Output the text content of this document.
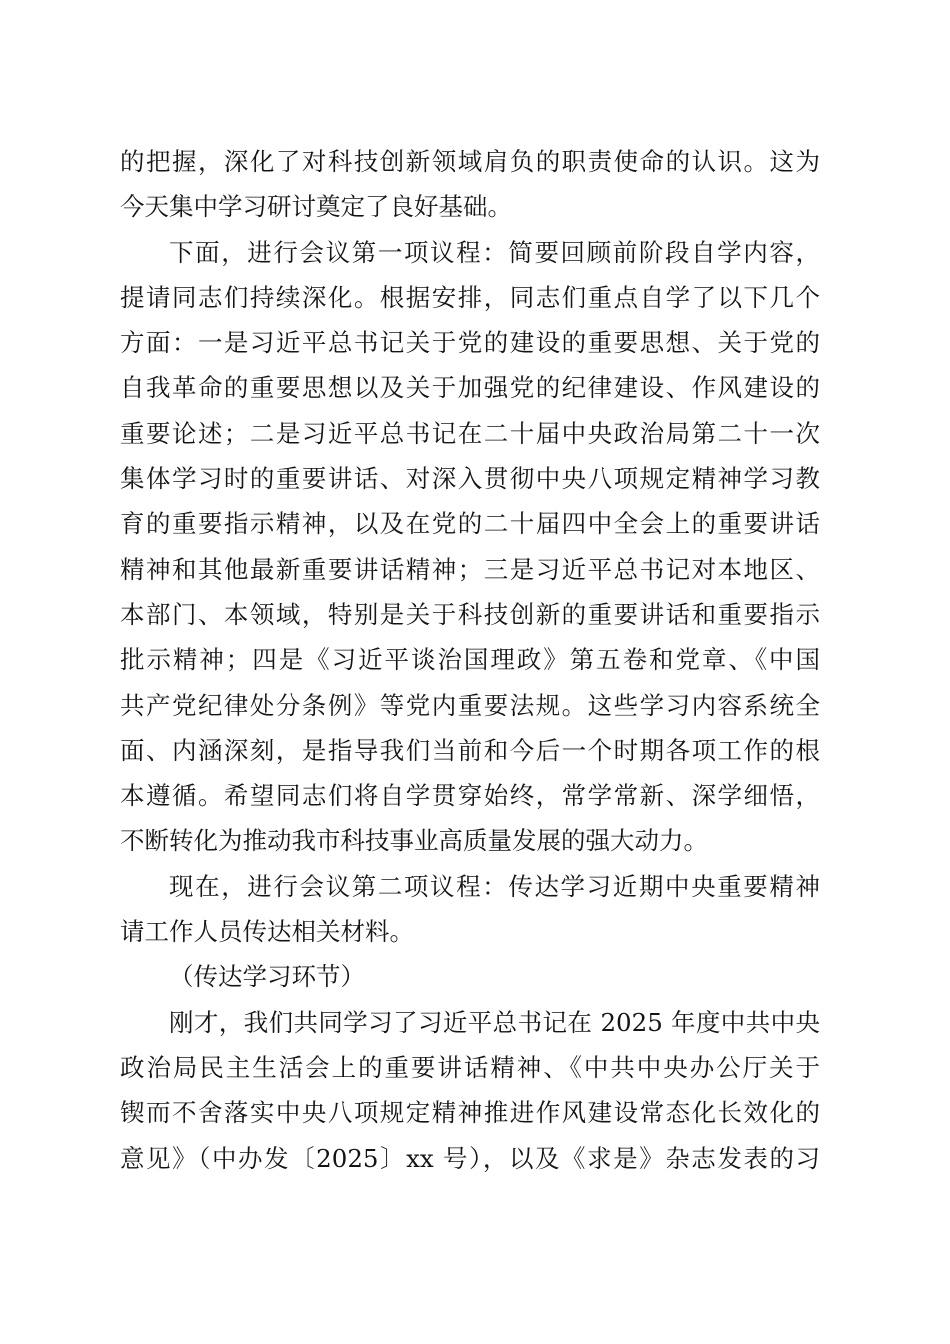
的把握，深化了对科技创新领域肩负的职责使命的认识。这为
今天集中学习研讨奠定了良好基础。
下面，进行会议第一项议程：简要回顾前阶段自学内容，
提请同志们持续深化。根据安排，同志们重点自学了以下几个
方面：一是习近平总书记关于党的建设的重要思想、关于党的
自我革命的重要思想以及关于加强党的纪律建设、作风建设的
重要论述；二是习近平总书记在二十届中央政治局第二十一次
集体学习时的重要讲话、对深入贯彻中央八项规定精神学习教
育的重要指示精神，以及在党的二十届四中全会上的重要讲话
精神和其他最新重要讲话精神；三是习近平总书记对本地区、
本部门、本领域，特别是关于科技创新的重要讲话和重要指示
批示精神；四是《习近平谈治国理政》第五卷和党章、《中国
共产党纪律处分条例》等党内重要法规。这些学习内容系统全
面、内涵深刻，是指导我们当前和今后一个时期各项工作的根
本遵循。希望同志们将自学贯穿始终，常学常新、深学细悟，
不断转化为推动我市科技事业高质量发展的强大动力。
现在，进行会议第二项议程：传达学习近期中央重要精神
请工作人员传达相关材料。
（传达学习环节）
刚才，我们共同学习了习近平总书记在 2025 年度中共中央
政治局民主生活会上的重要讲话精神、《中共中央办公厅关于
锲而不舍落实中央八项规定精神推进作风建设常态化长效化的
意见》（中办发〔2025〕xx 号），以及《求是》杂志发表的习
